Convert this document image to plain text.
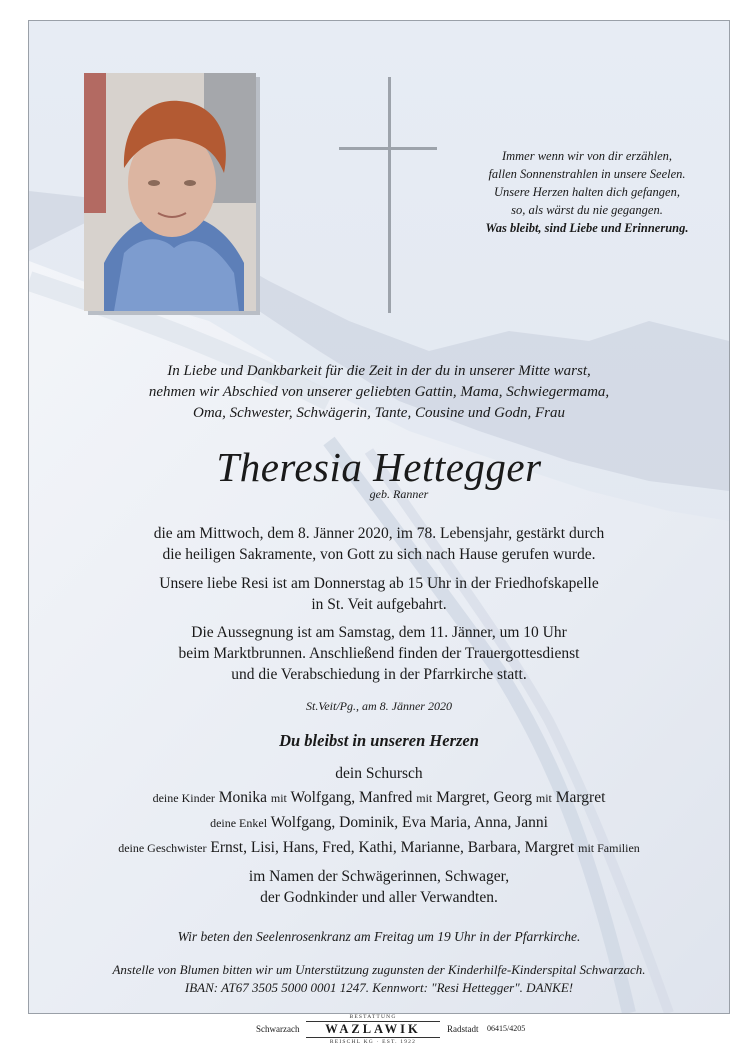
Immer wenn wir von dir erzählen,
fallen Sonnenstrahlen in unsere Seelen.
Unsere Herzen halten dich gefangen,
so, als wärst du nie gegangen.
Was bleibt, sind Liebe und Erinnerung.
In Liebe und Dankbarkeit für die Zeit in der du in unserer Mitte warst,
nehmen wir Abschied von unserer geliebten Gattin, Mama, Schwiegermama,
Oma, Schwester, Schwägerin, Tante, Cousine und Godn, Frau
Theresia Hettegger
geb. Ranner
die am Mittwoch, dem 8. Jänner 2020, im 78. Lebensjahr, gestärkt durch
die heiligen Sakramente, von Gott zu sich nach Hause gerufen wurde.
Unsere liebe Resi ist am Donnerstag ab 15 Uhr in der Friedhofskapelle
in St. Veit aufgebahrt.
Die Aussegnung ist am Samstag, dem 11. Jänner, um 10 Uhr
beim Marktbrunnen. Anschließend finden der Trauergottesdienst
und die Verabschiedung in der Pfarrkirche statt.
St.Veit/Pg., am 8. Jänner 2020
Du bleibst in unseren Herzen
dein Schursch
deine Kinder Monika mit Wolfgang, Manfred mit Margret, Georg mit Margret
deine Enkel Wolfgang, Dominik, Eva Maria, Anna, Janni
deine Geschwister Ernst, Lisi, Hans, Fred, Kathi, Marianne, Barbara, Margret mit Familien
im Namen der Schwägerinnen, Schwager,
der Godnkinder und aller Verwandten.
Wir beten den Seelenrosenkranz am Freitag um 19 Uhr in der Pfarrkirche.
Anstelle von Blumen bitten wir um Unterstützung zugunsten der Kinderhilfe-Kinderspital Schwarzach.
IBAN: AT67 3505 5000 0001 1247. Kennwort: "Resi Hettegger". DANKE!
Schwarzach
BESTATTUNG
WAZLAWIK
REISCHL KG · EST. 1922
Radstadt 06415/4205
